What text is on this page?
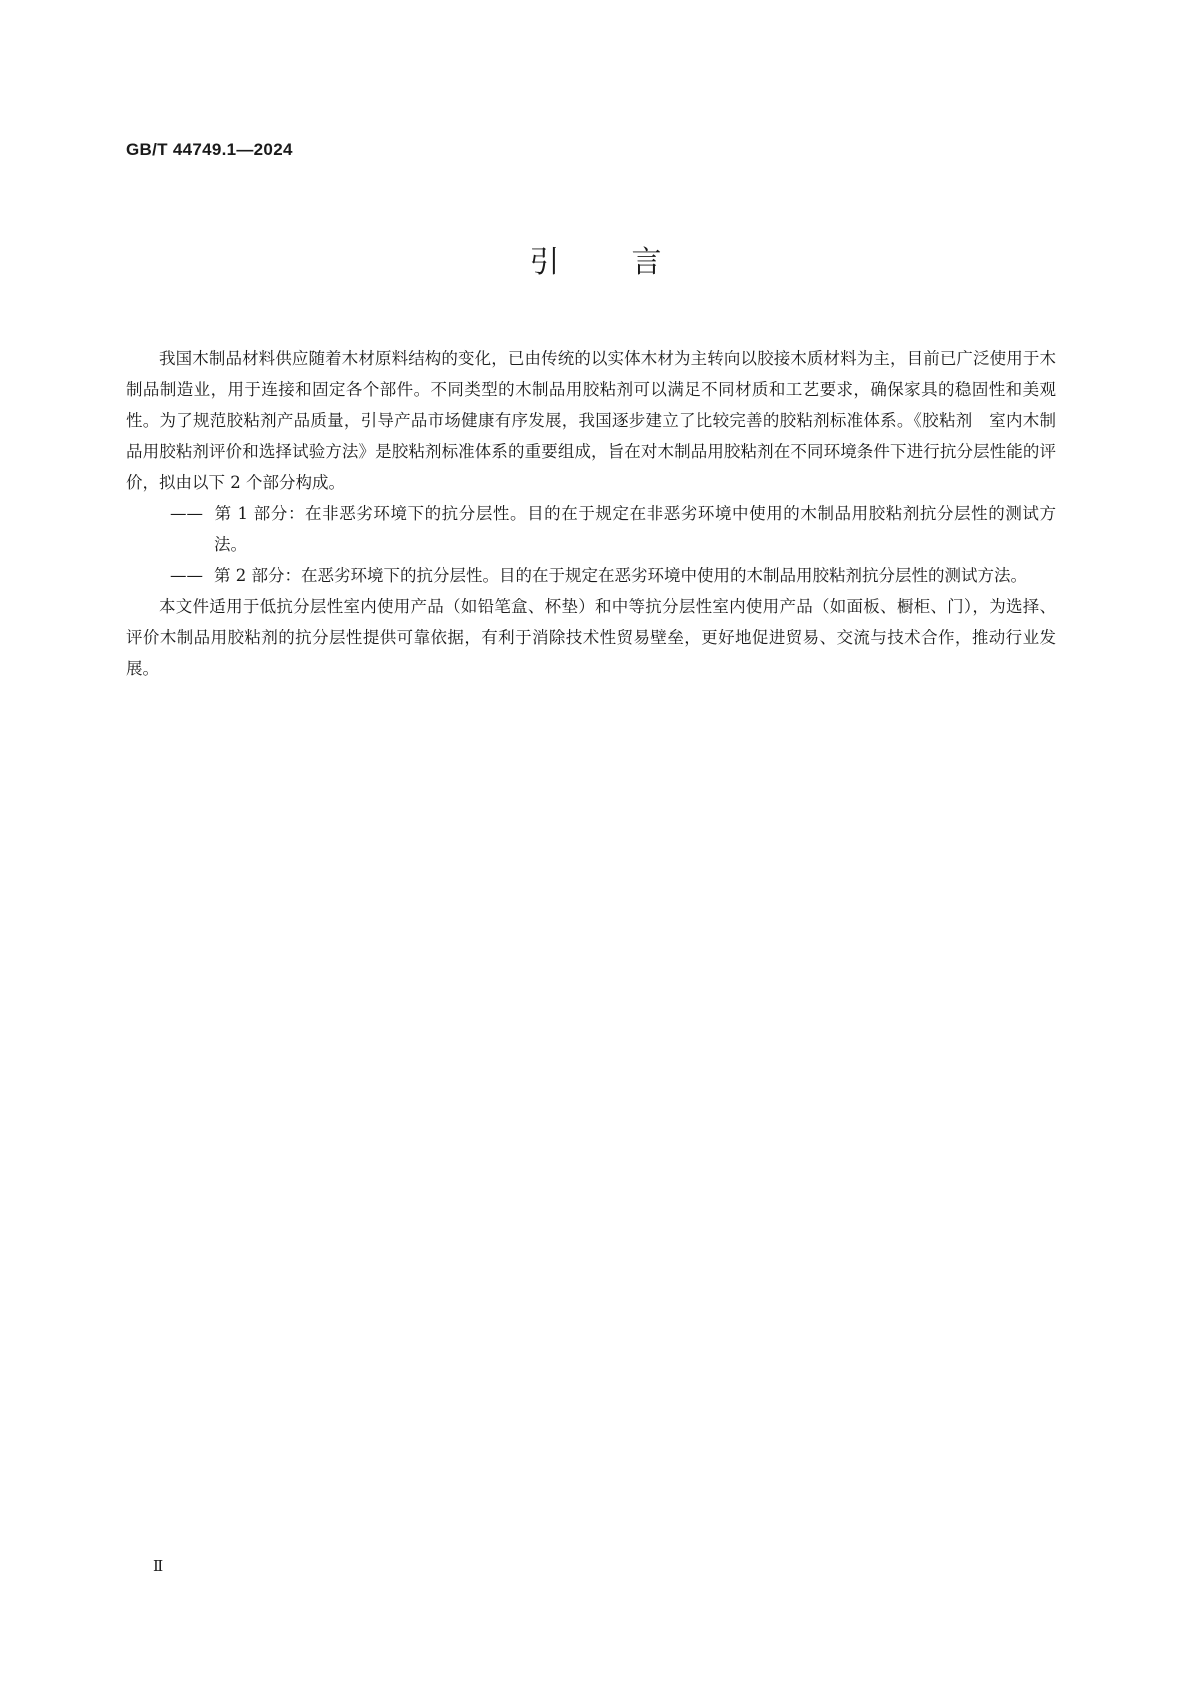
GB/T 44749.1—2024
引 言

我国木制品材料供应随着木材原料结构的变化，已由传统的以实体木材为主转向以胶接木质材料为主，目前已广泛使用于木制品制造业，用于连接和固定各个部件。不同类型的木制品用胶粘剂可以满足不同材质和工艺要求，确保家具的稳固性和美观性。为了规范胶粘剂产品质量，引导产品市场健康有序发展，我国逐步建立了比较完善的胶粘剂标准体系。《胶粘剂　室内木制品用胶粘剂评价和选择试验方法》是胶粘剂标准体系的重要组成，旨在对木制品用胶粘剂在不同环境条件下进行抗分层性能的评价，拟由以下 2 个部分构成。

—— 第 1 部分：在非恶劣环境下的抗分层性。目的在于规定在非恶劣环境中使用的木制品用胶粘剂抗分层性的测试方法。

—— 第 2 部分：在恶劣环境下的抗分层性。目的在于规定在恶劣环境中使用的木制品用胶粘剂抗分层性的测试方法。

本文件适用于低抗分层性室内使用产品（如铅笔盒、杯垫）和中等抗分层性室内使用产品（如面板、橱柜、门），为选择、评价木制品用胶粘剂的抗分层性提供可靠依据，有利于消除技术性贸易壁垒，更好地促进贸易、交流与技术合作，推动行业发展。

Ⅱ
